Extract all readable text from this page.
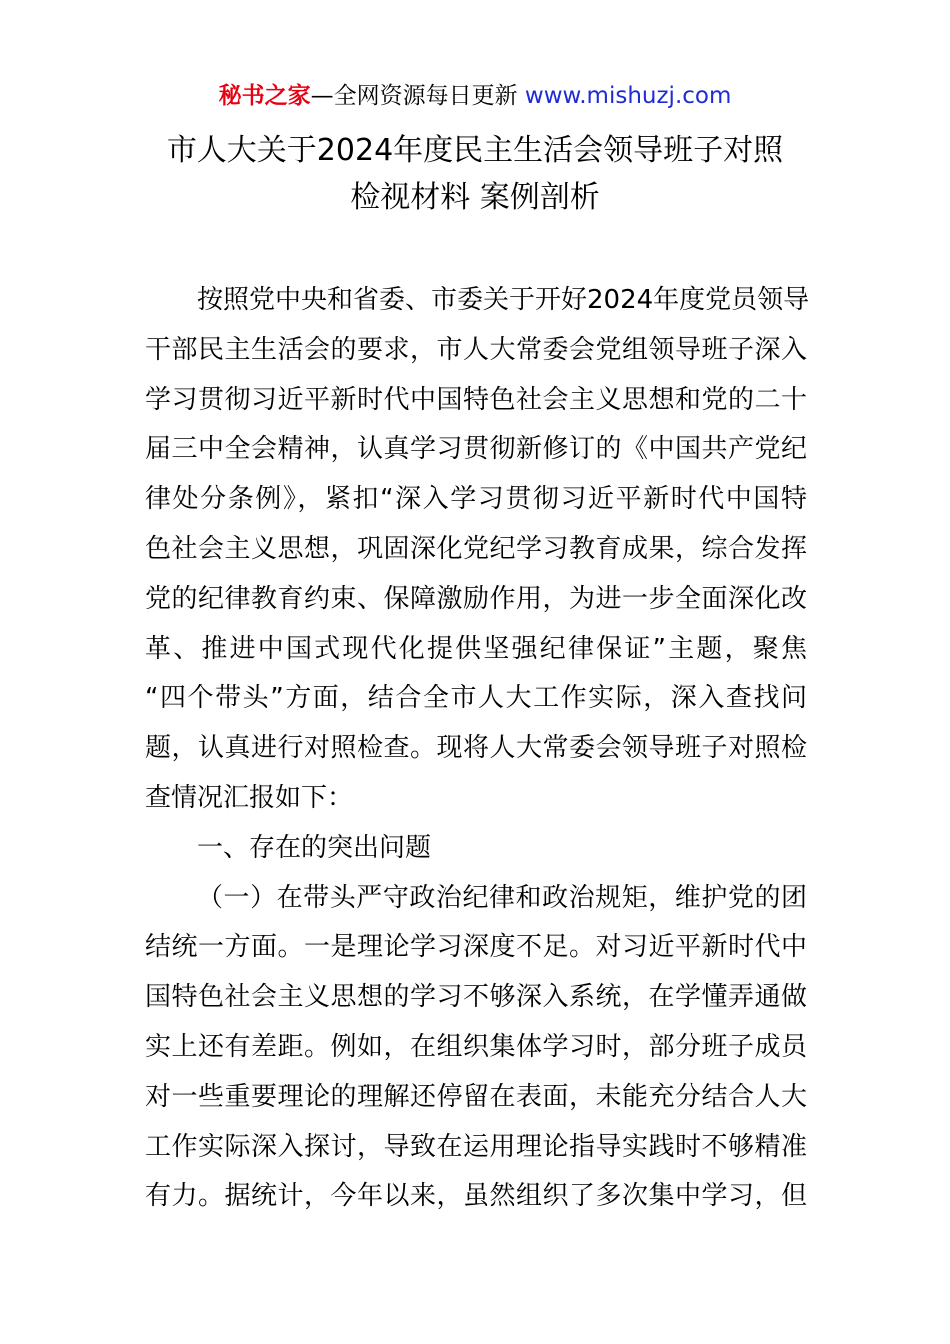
秘书之家—全网资源每日更新 www.mishuzj.com
市人大关于2024年度民主生活会领导班子对照
检视材料 案例剖析
按照党中央和省委、市委关于开好2024年度党员领导
干部民主生活会的要求，市人大常委会党组领导班子深入
学习贯彻习近平新时代中国特色社会主义思想和党的二十
届三中全会精神，认真学习贯彻新修订的《中国共产党纪
律处分条例》，紧扣“深入学习贯彻习近平新时代中国特
色社会主义思想，巩固深化党纪学习教育成果，综合发挥
党的纪律教育约束、保障激励作用，为进一步全面深化改
革、推进中国式现代化提供坚强纪律保证”主题，聚焦
“四个带头”方面，结合全市人大工作实际，深入查找问
题，认真进行对照检查。现将人大常委会领导班子对照检
查情况汇报如下：
一、存在的突出问题
（一）在带头严守政治纪律和政治规矩，维护党的团
结统一方面。一是理论学习深度不足。对习近平新时代中
国特色社会主义思想的学习不够深入系统，在学懂弄通做
实上还有差距。例如，在组织集体学习时，部分班子成员
对一些重要理论的理解还停留在表面，未能充分结合人大
工作实际深入探讨，导致在运用理论指导实践时不够精准
有力。据统计，今年以来，虽然组织了多次集中学习，但
